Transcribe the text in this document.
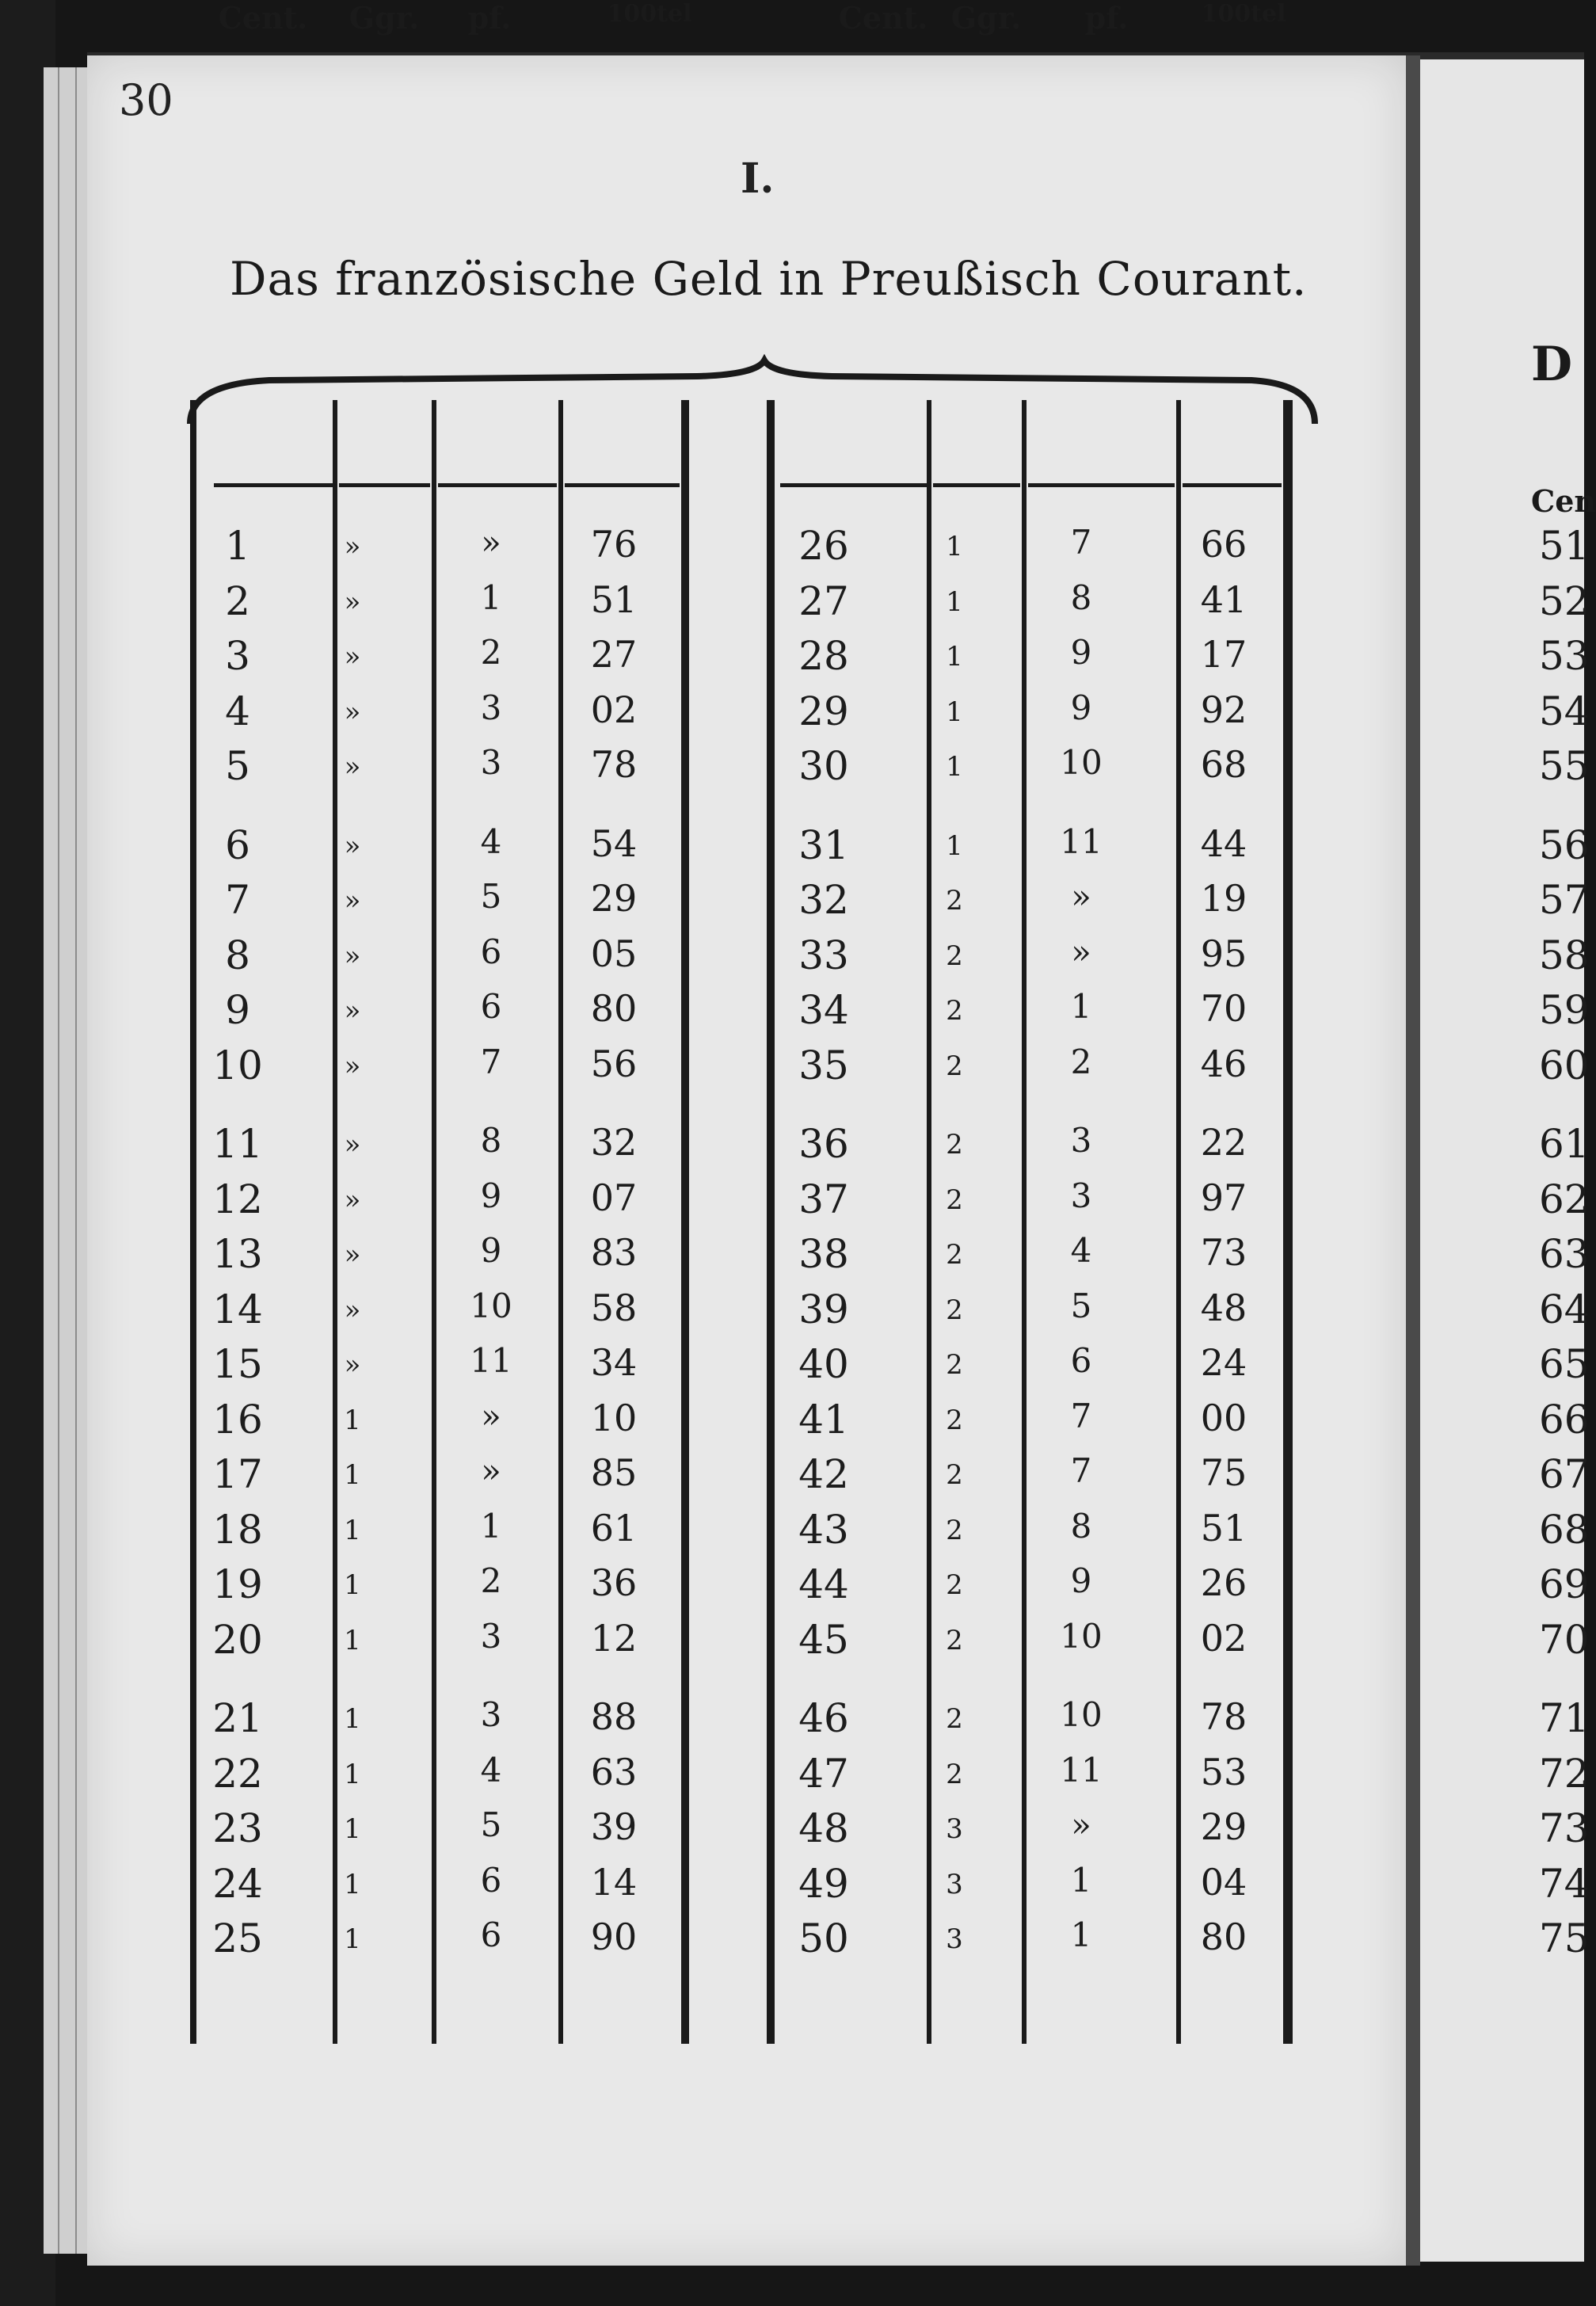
30
I.
Das französische Geld in Preußisch Courant.
Cent.	Ggr.	pf.	100tel	Cent. Ggr.	pf.	100tel
1	»	»	76
2	»	1	51
3	»	2	27
4	»	3	02
5	»	3	78
6	»	4	54
7	»	5	29
8	»	6	05
9	»	6	80
10	»	7	56
11	»	8	32
12	»	9	07
13	»	9	83
14	»	10	58
15	»	11	34
16	1	»	10
17	1	»	85
18	1	1	61
19	1	2	36
20	1	3	12
21	1	3	88
22	1	4	63
23	1	5	39
24	1	6	14
25	1	6	90
26	1	7	66
27	1	8	41
28	1	9	17
29	1	9	92
30	1	10	68
31	1	11	44
32	2	»	19
33	2	»	95
34	2	1	70
35	2	2	46
36	2	3	22
37	2	3	97
38	2	4	73
39	2	5	48
40	2	6	24
41	2	7	00
42	2	7	75
43	2	8	51
44	2	9	26
45	2	10	02
46	2	10	78
47	2	11	53
48	3	»	29
49	3	1	04
50	3	1	80
D
Cen
51
52
53
54
55
56
57
58
59
60
61
62
63
64
65
66
67
68
69
70
71
72
73
74
75
